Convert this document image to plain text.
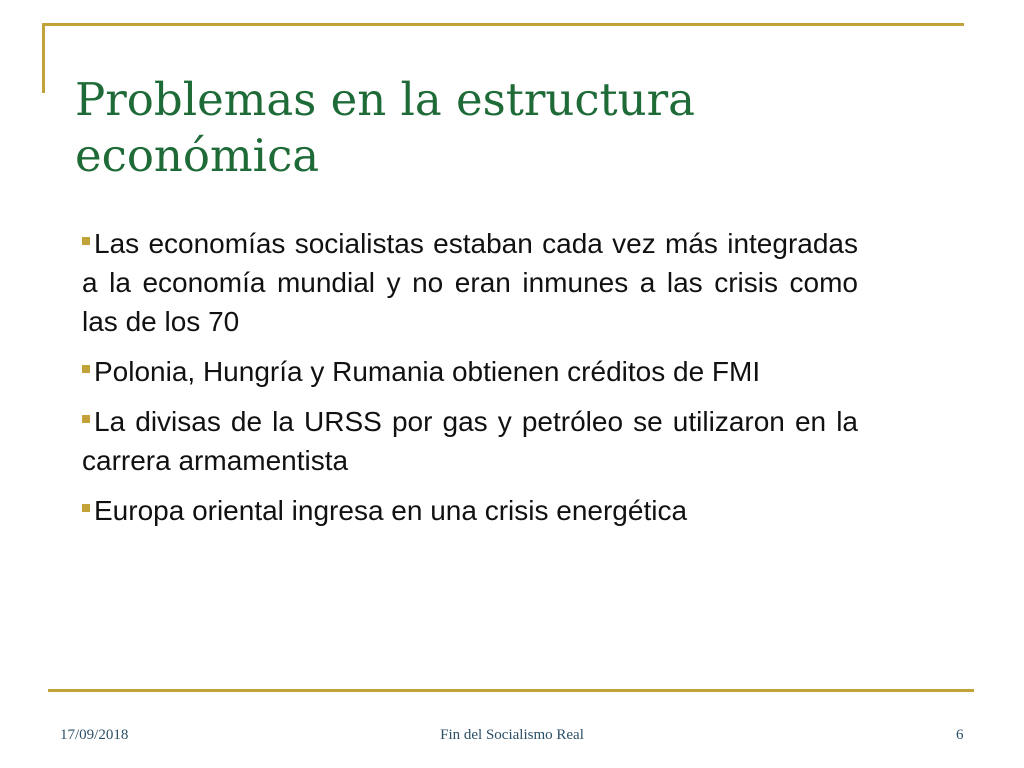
Problemas en la estructura
económica

Las economías socialistas estaban cada vez más integradas a la economía mundial y no eran inmunes a las crisis como las de los 70

Polonia, Hungría y Rumania obtienen créditos de FMI

La divisas de la URSS por gas y petróleo se utilizaron en la carrera armamentista

Europa oriental ingresa en una crisis energética

17/09/2018	Fin del Socialismo Real	6
